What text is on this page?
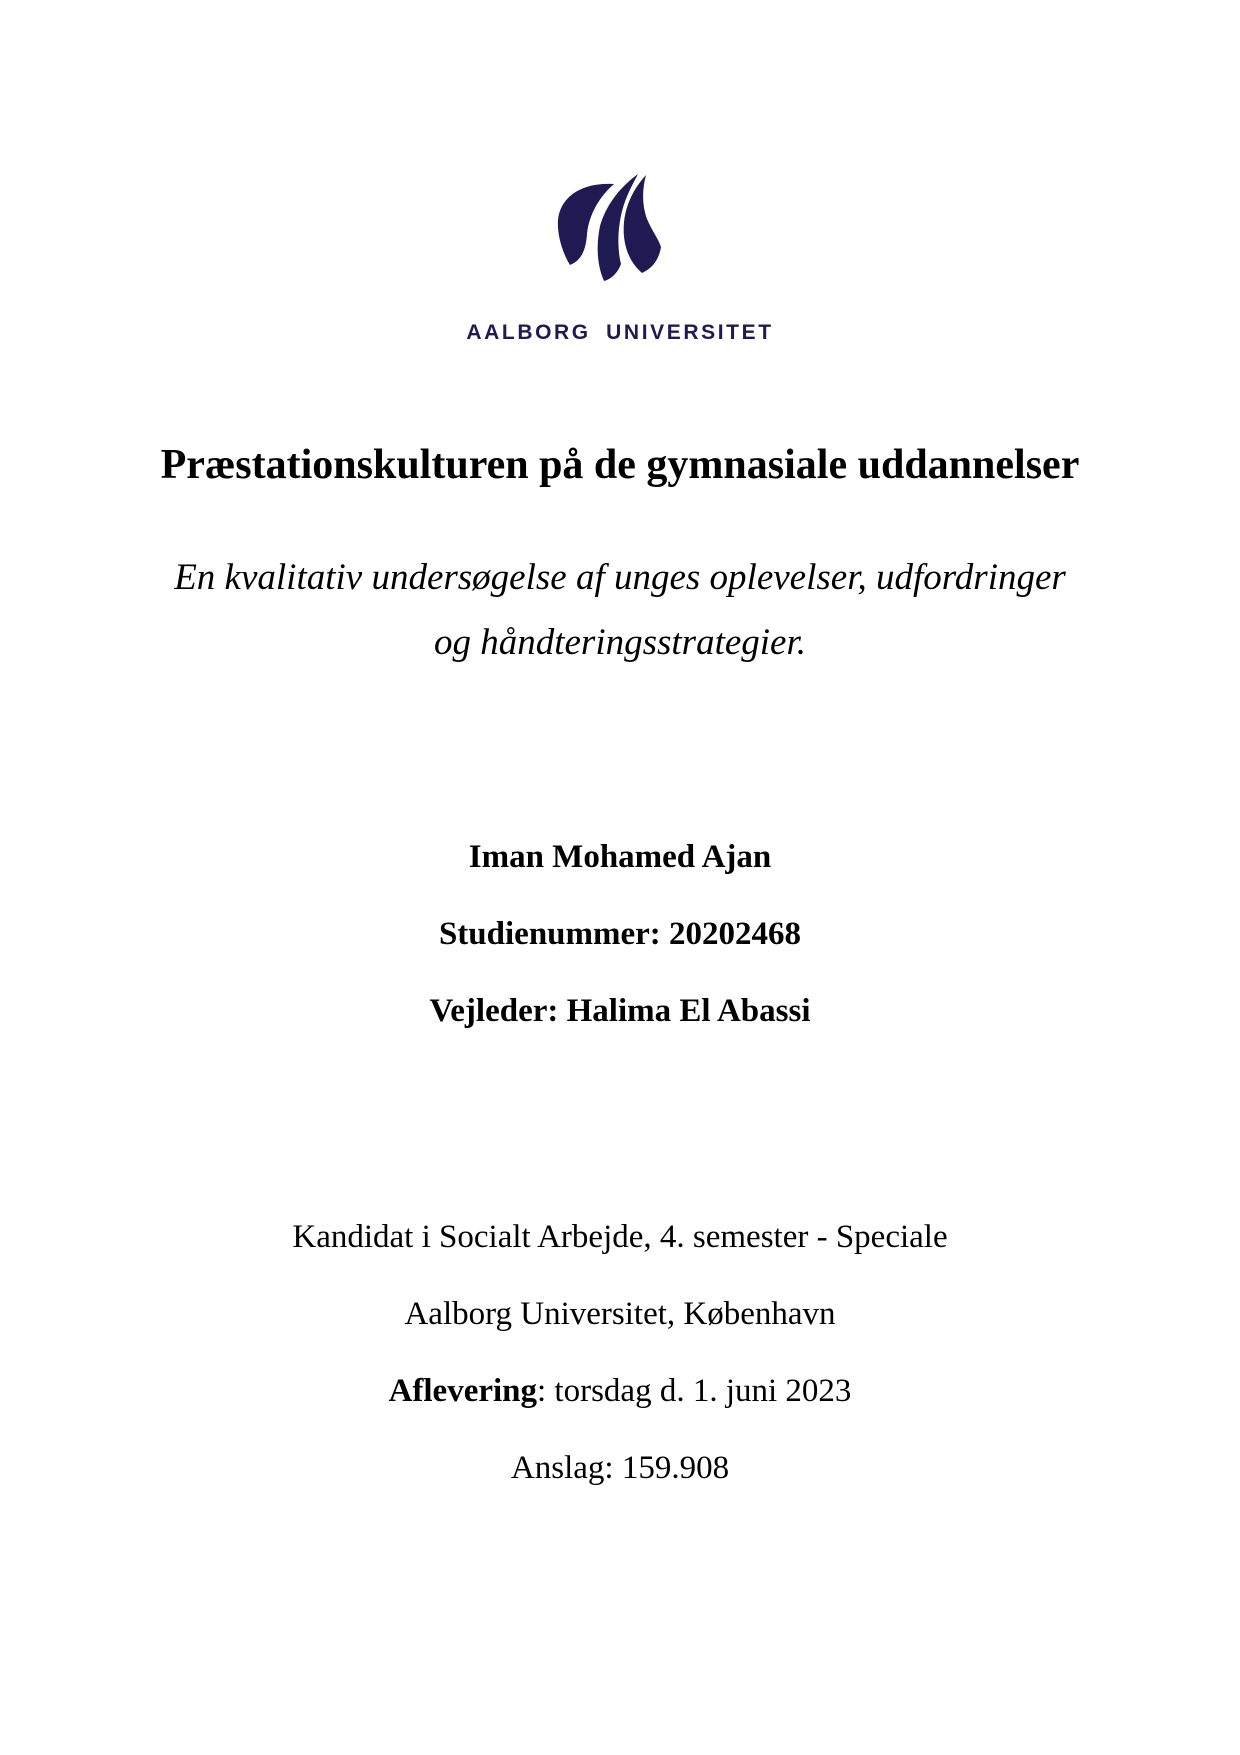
AALBORG UNIVERSITET
Præstationskulturen på de gymnasiale uddannelser
En kvalitativ undersøgelse af unges oplevelser, udfordringer
og håndteringsstrategier.
Iman Mohamed Ajan
Studienummer: 20202468
Vejleder: Halima El Abassi
Kandidat i Socialt Arbejde, 4. semester - Speciale
Aalborg Universitet, København
Aflevering: torsdag d. 1. juni 2023
Anslag: 159.908
